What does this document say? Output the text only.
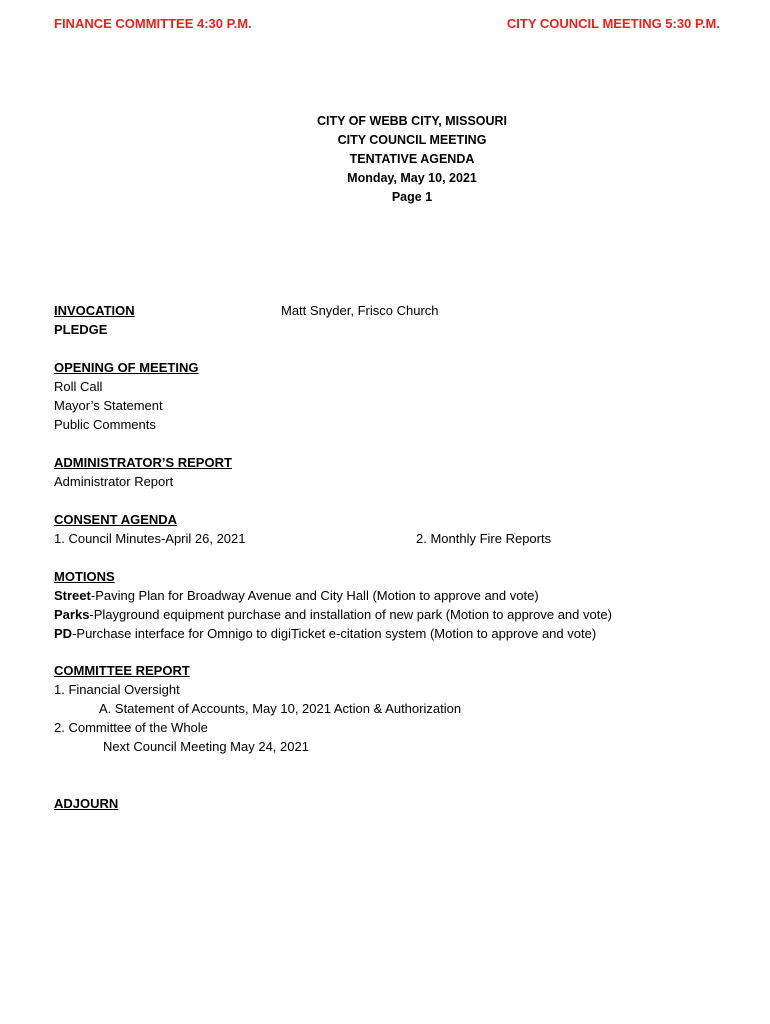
FINANCE COMMITTEE 4:30 P.M.	CITY COUNCIL MEETING 5:30 P.M.
CITY OF WEBB CITY, MISSOURI
CITY COUNCIL MEETING
TENTATIVE AGENDA
Monday, May 10, 2021
Page 1
INVOCATION	Matt Snyder, Frisco Church
PLEDGE
OPENING OF MEETING
Roll Call
Mayor’s Statement
Public Comments
ADMINISTRATOR’S REPORT
Administrator Report
CONSENT AGENDA
1. Council Minutes-April 26, 2021	2. Monthly Fire Reports
MOTIONS
Street-Paving Plan for Broadway Avenue and City Hall (Motion to approve and vote)
Parks-Playground equipment purchase and installation of new park (Motion to approve and vote)
PD-Purchase interface for Omnigo to digiTicket e-citation system (Motion to approve and vote)
COMMITTEE REPORT
1. Financial Oversight
A. Statement of Accounts, May 10, 2021 Action & Authorization
2. Committee of the Whole
Next Council Meeting May 24, 2021
ADJOURN
